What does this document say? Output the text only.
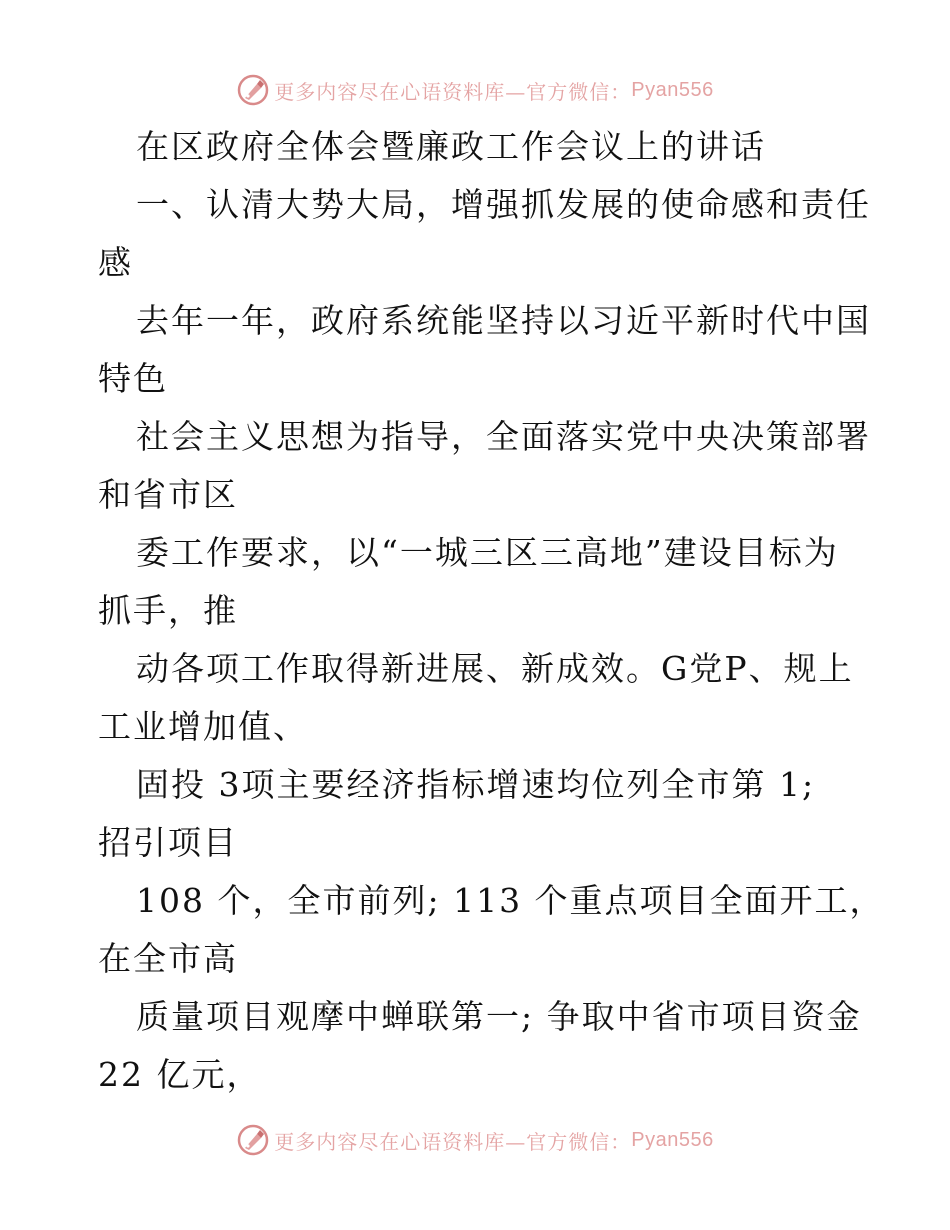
更多内容尽在心语资料库—官方微信： Pyan556
在区政府全体会暨廉政工作会议上的讲话
一、认清大势大局，增强抓发展的使命感和责任
感
去年一年，政府系统能坚持以习近平新时代中国
特色
社会主义思想为指导，全面落实党中央决策部署
和省市区
委工作要求，以“一城三区三高地”建设目标为
抓手，推
动各项工作取得新进展、新成效。G党P、规上
工业增加值、
固投 3项主要经济指标增速均位列全市第 1;
招引项目
108 个，全市前列; 113 个重点项目全面开工，
在全市高
质量项目观摩中蝉联第一; 争取中省市项目资金
22 亿元，
更多内容尽在心语资料库—官方微信： Pyan556
